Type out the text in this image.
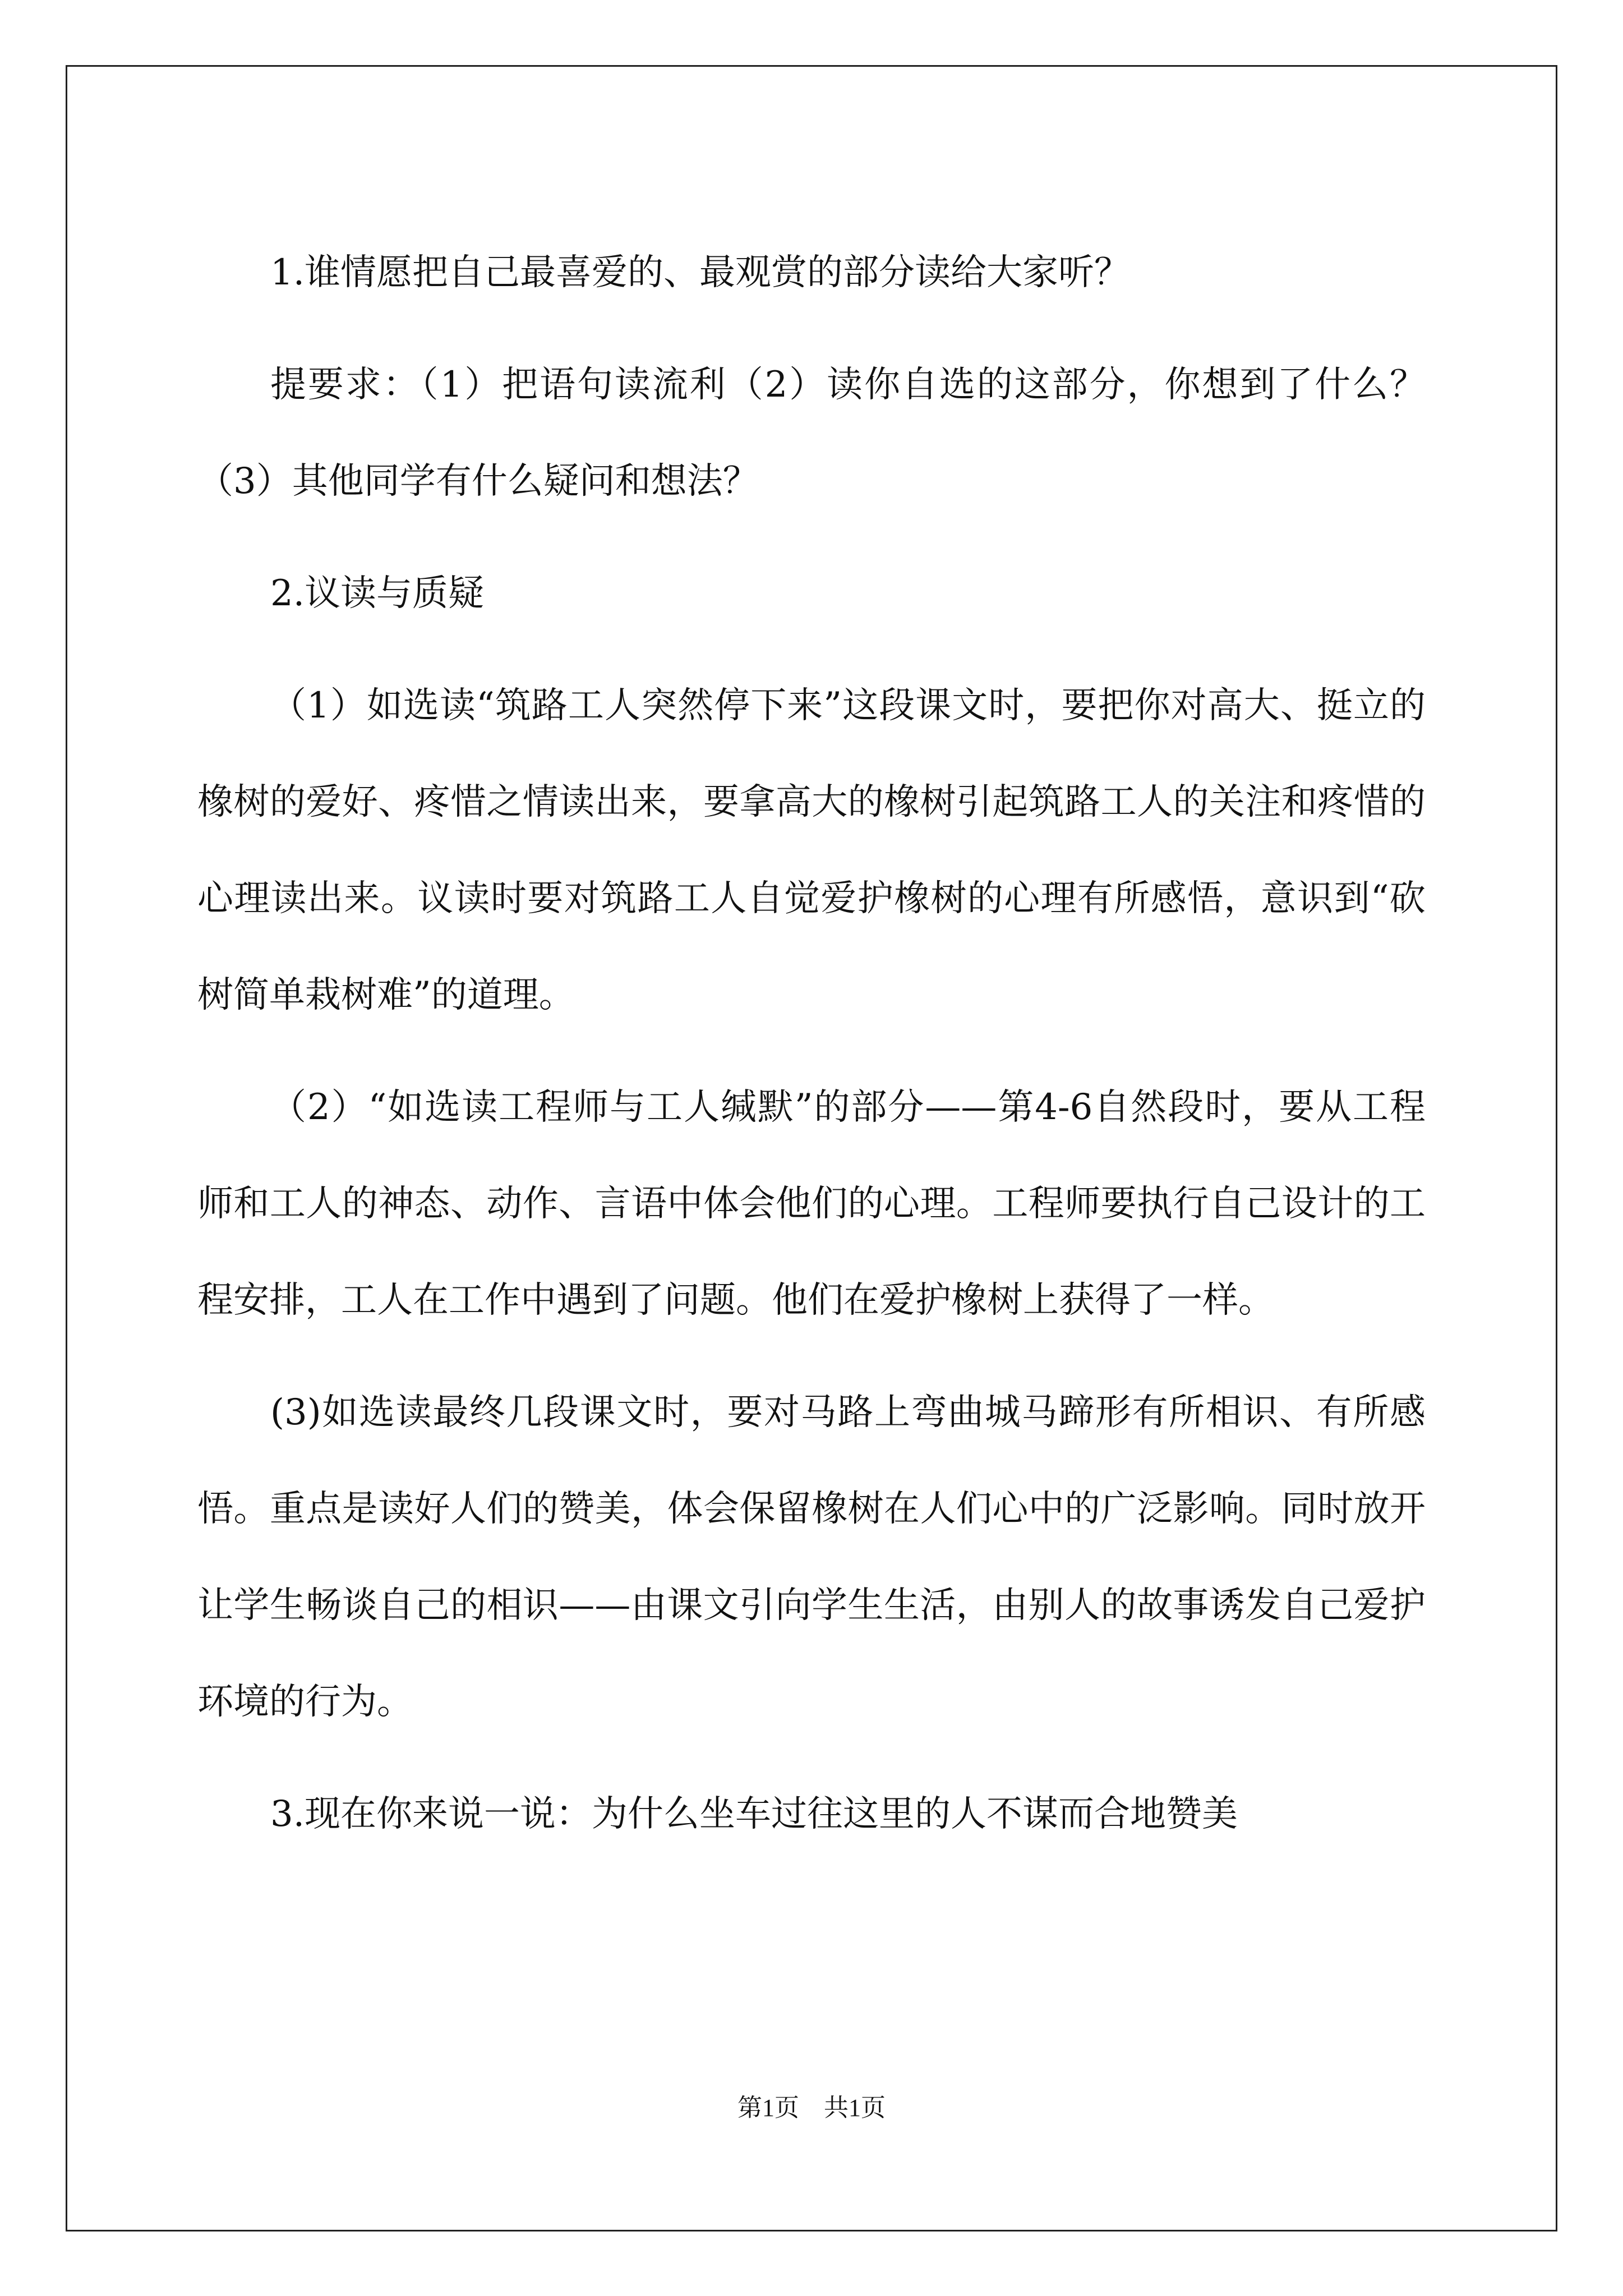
1.谁情愿把自己最喜爱的、最观赏的部分读给大家听？

提要求：（1）把语句读流利（2）读你自选的这部分，你想到了什么？（3）其他同学有什么疑问和想法？

2.议读与质疑

（1）如选读“筑路工人突然停下来”这段课文时，要把你对高大、挺立的橡树的爱好、疼惜之情读出来，要拿高大的橡树引起筑路工人的关注和疼惜的心理读出来。议读时要对筑路工人自觉爱护橡树的心理有所感悟，意识到“砍树简单栽树难”的道理。

（2）“如选读工程师与工人缄默”的部分——第4-6自然段时，要从工程师和工人的神态、动作、言语中体会他们的心理。工程师要执行自己设计的工程安排，工人在工作中遇到了问题。他们在爱护橡树上获得了一样。

(3)如选读最终几段课文时，要对马路上弯曲城马蹄形有所相识、有所感悟。重点是读好人们的赞美，体会保留橡树在人们心中的广泛影响。同时放开让学生畅谈自己的相识——由课文引向学生生活，由别人的故事诱发自己爱护环境的行为。

3.现在你来说一说：为什么坐车过往这里的人不谋而合地赞美

第1页　共1页
